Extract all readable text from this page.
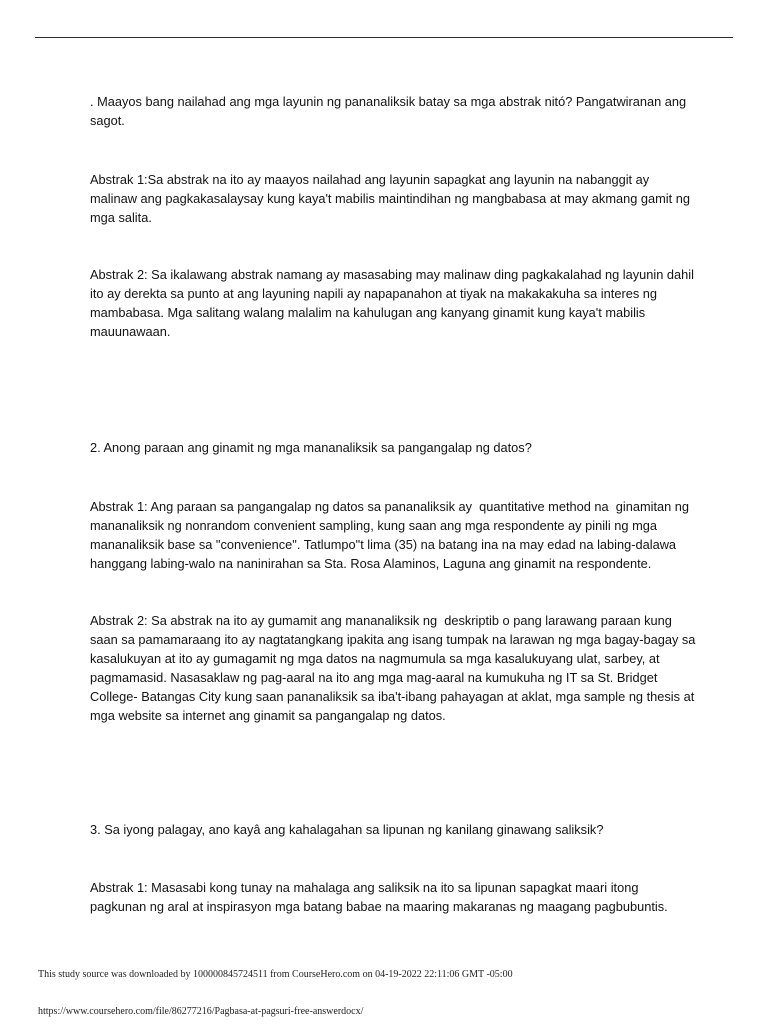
. Maayos bang nailahad ang mga layunin ng pananaliksik batay sa mga abstrak nitó? Pangatwiranan ang
sagot.
Abstrak 1:Sa abstrak na ito ay maayos nailahad ang layunin sapagkat ang layunin na nabanggit ay
malinaw ang pagkakasalaysay kung kaya't mabilis maintindihan ng mangbabasa at may akmang gamit ng
mga salita.
Abstrak 2: Sa ikalawang abstrak namang ay masasabing may malinaw ding pagkakalahad ng layunin dahil
ito ay derekta sa punto at ang layuning napili ay napapanahon at tiyak na makakakuha sa interes ng
mambabasa. Mga salitang walang malalim na kahulugan ang kanyang ginamit kung kaya't mabilis
mauunawaan.
2. Anong paraan ang ginamit ng mga mananaliksik sa pangangalap ng datos?
Abstrak 1: Ang paraan sa pangangalap ng datos sa pananaliksik ay  quantitative method na  ginamitan ng
mananaliksik ng nonrandom convenient sampling, kung saan ang mga respondente ay pinili ng mga
mananaliksik base sa "convenience". Tatlumpo"t lima (35) na batang ina na may edad na labing-dalawa
hanggang labing-walo na naninirahan sa Sta. Rosa Alaminos, Laguna ang ginamit na respondente.
Abstrak 2: Sa abstrak na ito ay gumamit ang mananaliksik ng  deskriptib o pang larawang paraan kung
saan sa pamamaraang ito ay nagtatangkang ipakita ang isang tumpak na larawan ng mga bagay-bagay sa
kasalukuyan at ito ay gumagamit ng mga datos na nagmumula sa mga kasalukuyang ulat, sarbey, at
pagmamasid. Nasasaklaw ng pag-aaral na ito ang mga mag-aaral na kumukuha ng IT sa St. Bridget
College- Batangas City kung saan pananaliksik sa iba't-ibang pahayagan at aklat, mga sample ng thesis at
mga website sa internet ang ginamit sa pangangalap ng datos.
3. Sa iyong palagay, ano kayâ ang kahalagahan sa lipunan ng kanilang ginawang saliksik?
Abstrak 1: Masasabi kong tunay na mahalaga ang saliksik na ito sa lipunan sapagkat maari itong
pagkunan ng aral at inspirasyon mga batang babae na maaring makaranas ng maagang pagbubuntis.
This study source was downloaded by 100000845724511 from CourseHero.com on 04-19-2022 22:11:06 GMT -05:00
https://www.coursehero.com/file/86277216/Pagbasa-at-pagsuri-free-answerdocx/
